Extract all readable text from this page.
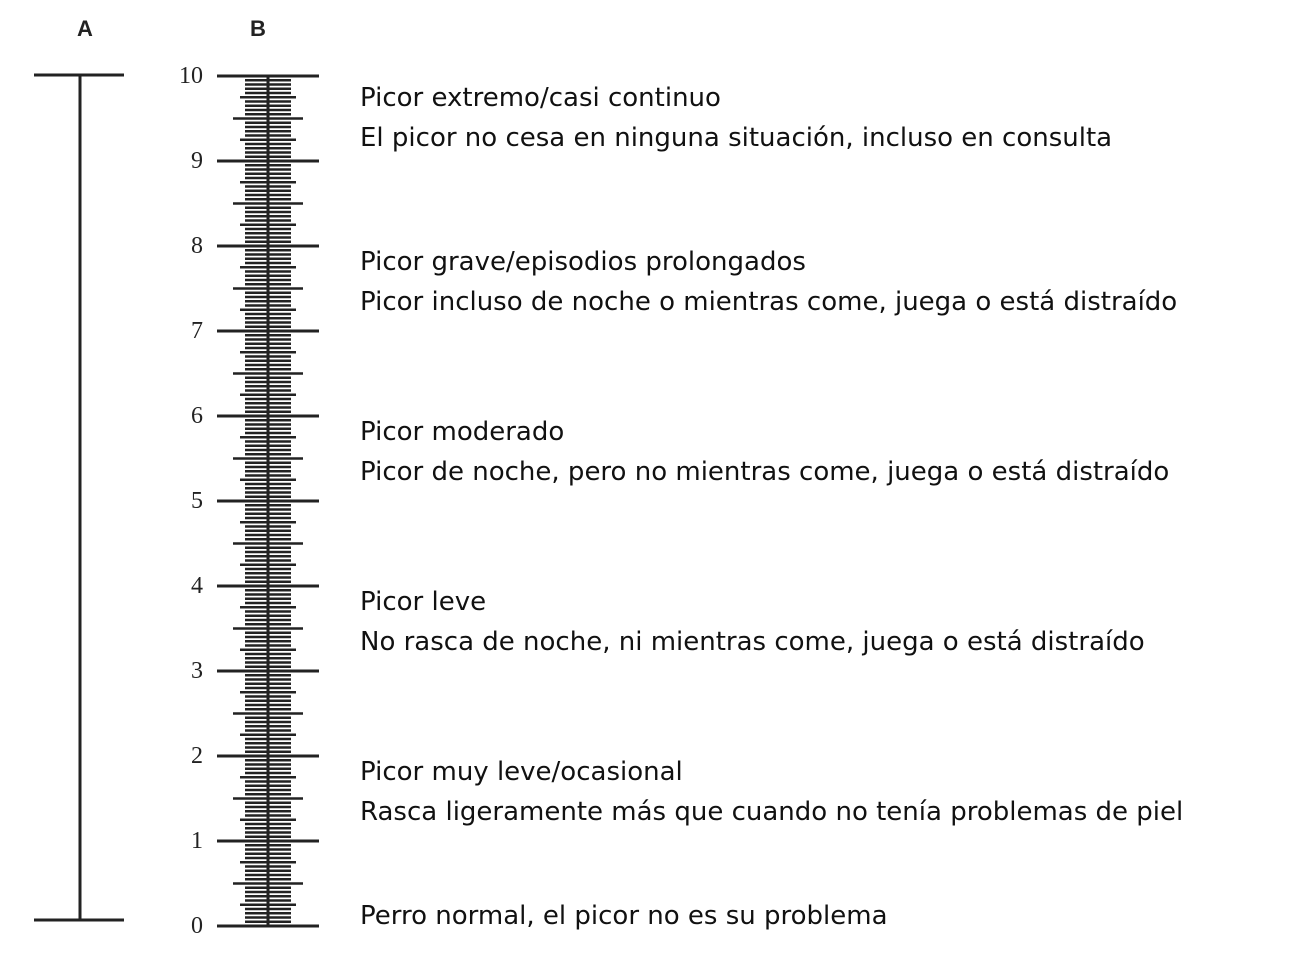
A	B
0
1
2
3
4
5
6
7
8
9
10
Picor extremo/casi continuo
El picor no cesa en ninguna situación, incluso en consulta
Picor grave/episodios prolongados
Picor incluso de noche o mientras come, juega o está distraído
Picor moderado
Picor de noche, pero no mientras come, juega o está distraído
Picor leve
No rasca de noche, ni mientras come, juega o está distraído
Picor muy leve/ocasional
Rasca ligeramente más que cuando no tenía problemas de piel
Perro normal, el picor no es su problema
